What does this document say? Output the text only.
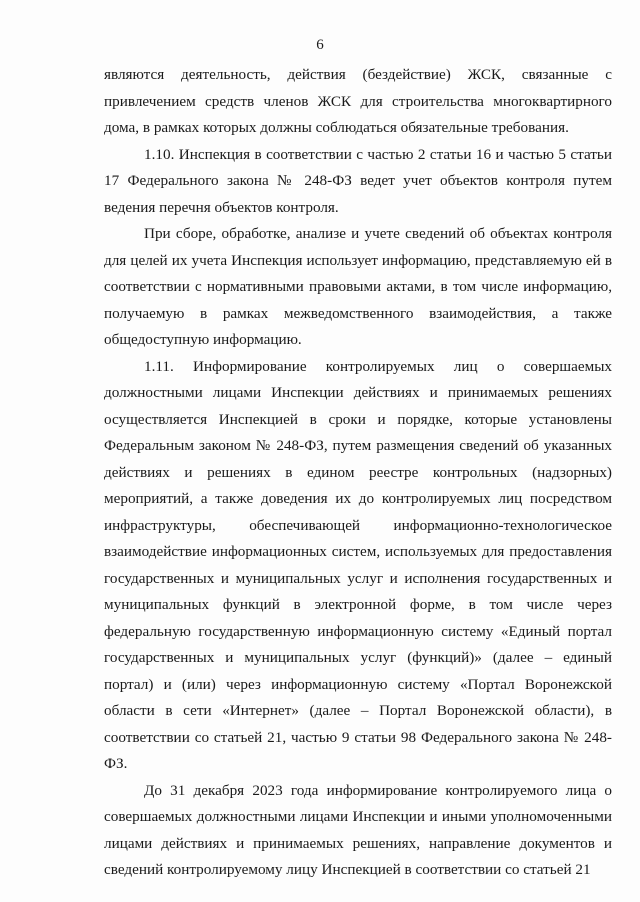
6

являются деятельность, действия (бездействие) ЖСК, связанные с привлечением средств членов ЖСК для строительства многоквартирного дома, в рамках которых должны соблюдаться обязательные требования.

1.10. Инспекция в соответствии с частью 2 статьи 16 и частью 5 статьи 17 Федерального закона № 248-ФЗ ведет учет объектов контроля путем ведения перечня объектов контроля.

При сборе, обработке, анализе и учете сведений об объектах контроля для целей их учета Инспекция использует информацию, представляемую ей в соответствии с нормативными правовыми актами, в том числе информацию, получаемую в рамках межведомственного взаимодействия, а также общедоступную информацию.

1.11. Информирование контролируемых лиц о совершаемых должностными лицами Инспекции действиях и принимаемых решениях осуществляется Инспекцией в сроки и порядке, которые установлены Федеральным законом № 248-ФЗ, путем размещения сведений об указанных действиях и решениях в едином реестре контрольных (надзорных) мероприятий, а также доведения их до контролируемых лиц посредством инфраструктуры, обеспечивающей информационно-технологическое взаимодействие информационных систем, используемых для предоставления государственных и муниципальных услуг и исполнения государственных и муниципальных функций в электронной форме, в том числе через федеральную государственную информационную систему «Единый портал государственных и муниципальных услуг (функций)» (далее – единый портал) и (или) через информационную систему «Портал Воронежской области в сети «Интернет» (далее – Портал Воронежской области), в соответствии со статьей 21, частью 9 статьи 98 Федерального закона № 248-ФЗ.

До 31 декабря 2023 года информирование контролируемого лица о совершаемых должностными лицами Инспекции и иными уполномоченными лицами действиях и принимаемых решениях, направление документов и сведений контролируемому лицу Инспекцией в соответствии со статьей 21
